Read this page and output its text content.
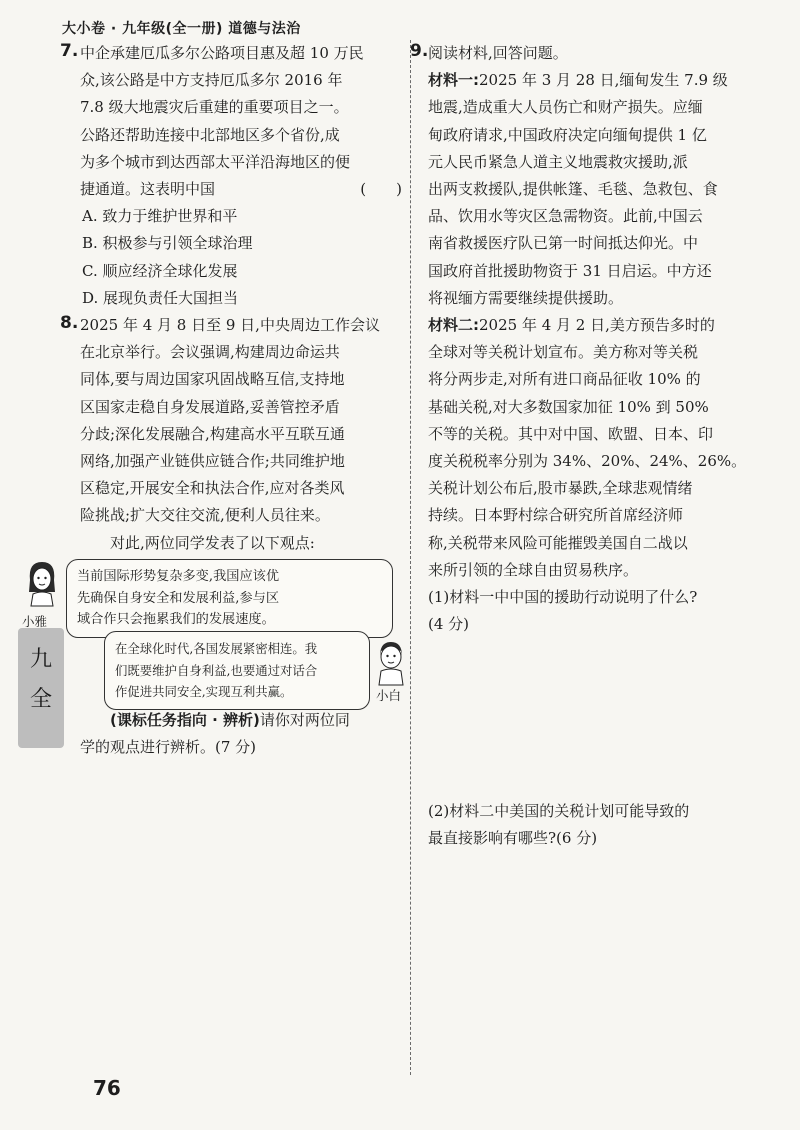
大小卷 · 九年级(全一册) 道德与法治
九
全
7. 中企承建厄瓜多尔公路项目惠及超 10 万民
众,该公路是中方支持厄瓜多尔 2016 年
7.8 级大地震灾后重建的重要项目之一。
公路还帮助连接中北部地区多个省份,成
为多个城市到达西部太平洋沿海地区的便
捷通道。这表明中国	(　　)
A. 致力于维护世界和平
B. 积极参与引领全球治理
C. 顺应经济全球化发展
D. 展现负责任大国担当
8. 2025 年 4 月 8 日至 9 日,中央周边工作会议
在北京举行。会议强调,构建周边命运共
同体,要与周边国家巩固战略互信,支持地
区国家走稳自身发展道路,妥善管控矛盾
分歧;深化发展融合,构建高水平互联互通
网络,加强产业链供应链合作;共同维护地
区稳定,开展安全和执法合作,应对各类风
险挑战;扩大交往交流,便利人员往来。
对此,两位同学发表了以下观点:
小雅
当前国际形势复杂多变,我国应该优
先确保自身安全和发展利益,参与区
域合作只会拖累我们的发展速度。
在全球化时代,各国发展紧密相连。我
们既要维护自身利益,也要通过对话合
作促进共同安全,实现互利共赢。	小白
(课标任务指向 · 辨析)请你对两位同
学的观点进行辨析。(7 分)
9. 阅读材料,回答问题。
材料一:2025 年 3 月 28 日,缅甸发生 7.9 级
地震,造成重大人员伤亡和财产损失。应缅
甸政府请求,中国政府决定向缅甸提供 1 亿
元人民币紧急人道主义地震救灾援助,派
出两支救援队,提供帐篷、毛毯、急救包、食
品、饮用水等灾区急需物资。此前,中国云
南省救援医疗队已第一时间抵达仰光。中
国政府首批援助物资于 31 日启运。中方还
将视缅方需要继续提供援助。
材料二:2025 年 4 月 2 日,美方预告多时的
全球对等关税计划宣布。美方称对等关税
将分两步走,对所有进口商品征收 10% 的
基础关税,对大多数国家加征 10% 到 50%
不等的关税。其中对中国、欧盟、日本、印
度关税税率分别为 34%、20%、24%、26%。
关税计划公布后,股市暴跌,全球悲观情绪
持续。日本野村综合研究所首席经济师
称,关税带来风险可能摧毁美国自二战以
来所引领的全球自由贸易秩序。
(1)材料一中中国的援助行动说明了什么?
(4 分)
(2)材料二中美国的关税计划可能导致的
最直接影响有哪些?(6 分)
76
